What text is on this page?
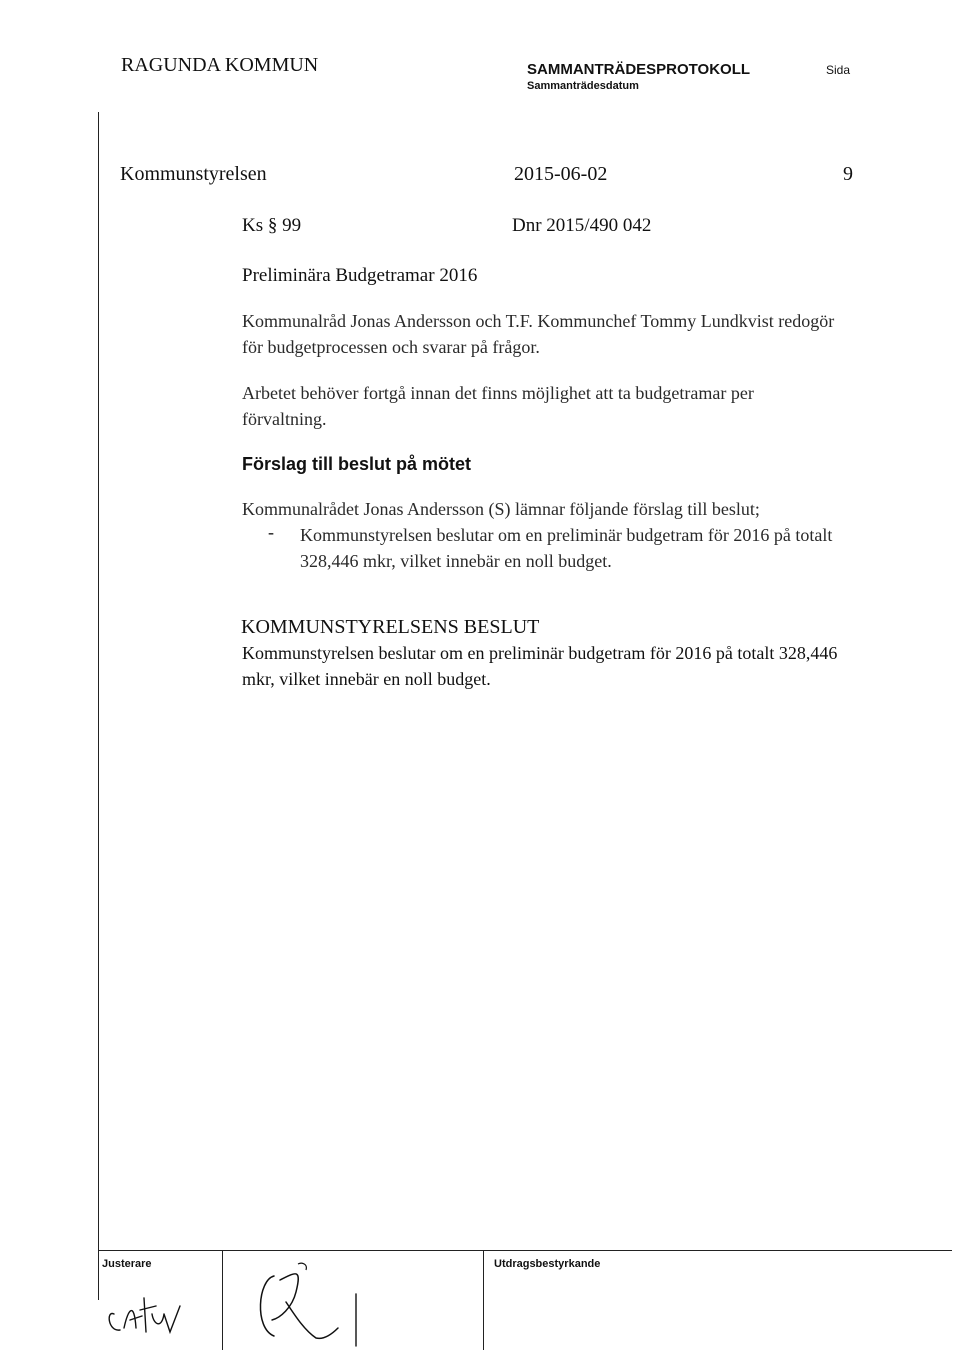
RAGUNDA KOMMUN	SAMMANTRÄDESPROTOKOLL
Sammanträdesdatum
Sida
Kommunstyrelsen	2015-06-02	9
Ks § 99	Dnr 2015/490 042
Preliminära Budgetramar 2016
Kommunalråd Jonas Andersson och T.F. Kommunchef Tommy Lundkvist redogör för budgetprocessen och svarar på frågor.
Arbetet behöver fortgå innan det finns möjlighet att ta budgetramar per förvaltning.
Förslag till beslut på mötet
Kommunalrådet Jonas Andersson (S) lämnar följande förslag till beslut;
- Kommunstyrelsen beslutar om en preliminär budgetram för 2016 på totalt 328,446 mkr, vilket innebär en noll budget.
KOMMUNSTYRELSENS BESLUT
Kommunstyrelsen beslutar om en preliminär budgetram för 2016 på totalt 328,446 mkr, vilket innebär en noll budget.
Justerare	Utdragsbestyrkande
